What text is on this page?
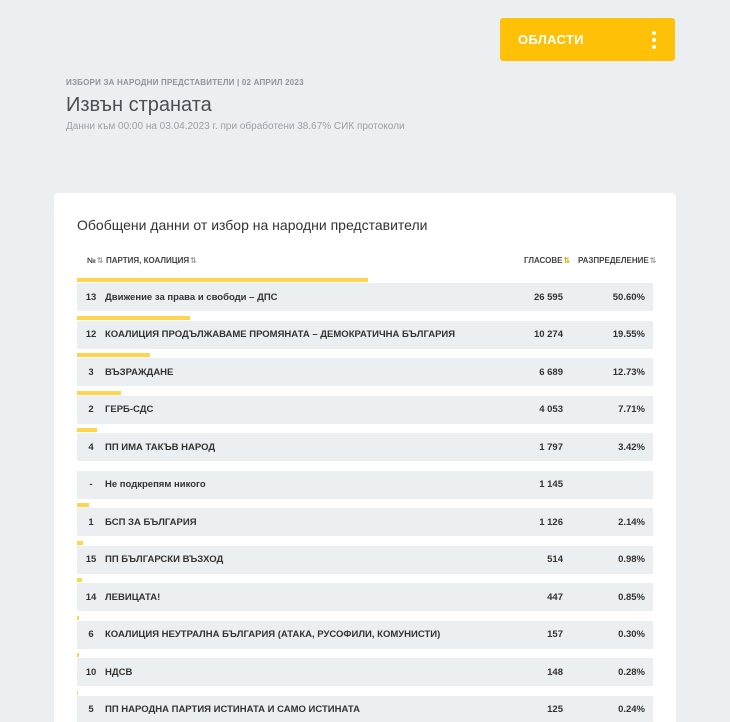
ОБЛАСТИ
ИЗБОРИ ЗА НАРОДНИ ПРЕДСТАВИТЕЛИ | 02 АПРИЛ 2023
Извън страната
Данни към 00:00 на 03.04.2023 г. при обработени 38.67% СИК протоколи
Обобщени данни от избор на народни представители
№⇅ ПАРТИЯ, КОАЛИЦИЯ⇅	ГЛАСОВЕ⇅ РАЗПРЕДЕЛЕНИЕ⇅
13 Движение за права и свободи – ДПС	26 595	50.60%
12 КОАЛИЦИЯ ПРОДЪЛЖАВАМЕ ПРОМЯНАТА – ДЕМОКРАТИЧНА БЪЛГАРИЯ	10 274	19.55%
3	ВЪЗРАЖДАНЕ	6 689	12.73%
2	ГЕРБ-СДС	4 053	7.71%
4	ПП ИМА ТАКЪВ НАРОД	1 797	3.42%
-	Не подкрепям никого	1 145
1	БСП ЗА БЪЛГАРИЯ	1 126	2.14%
15 ПП БЪЛГАРСКИ ВЪЗХОД	514	0.98%
14 ЛЕВИЦАТА!	447	0.85%
6	КОАЛИЦИЯ НЕУТРАЛНА БЪЛГАРИЯ (АТАКА, РУСОФИЛИ, КОМУНИСТИ)	157	0.30%
10 НДСВ	148	0.28%
5	ПП НАРОДНА ПАРТИЯ ИСТИНАТА И САМО ИСТИНАТА	125	0.24%
